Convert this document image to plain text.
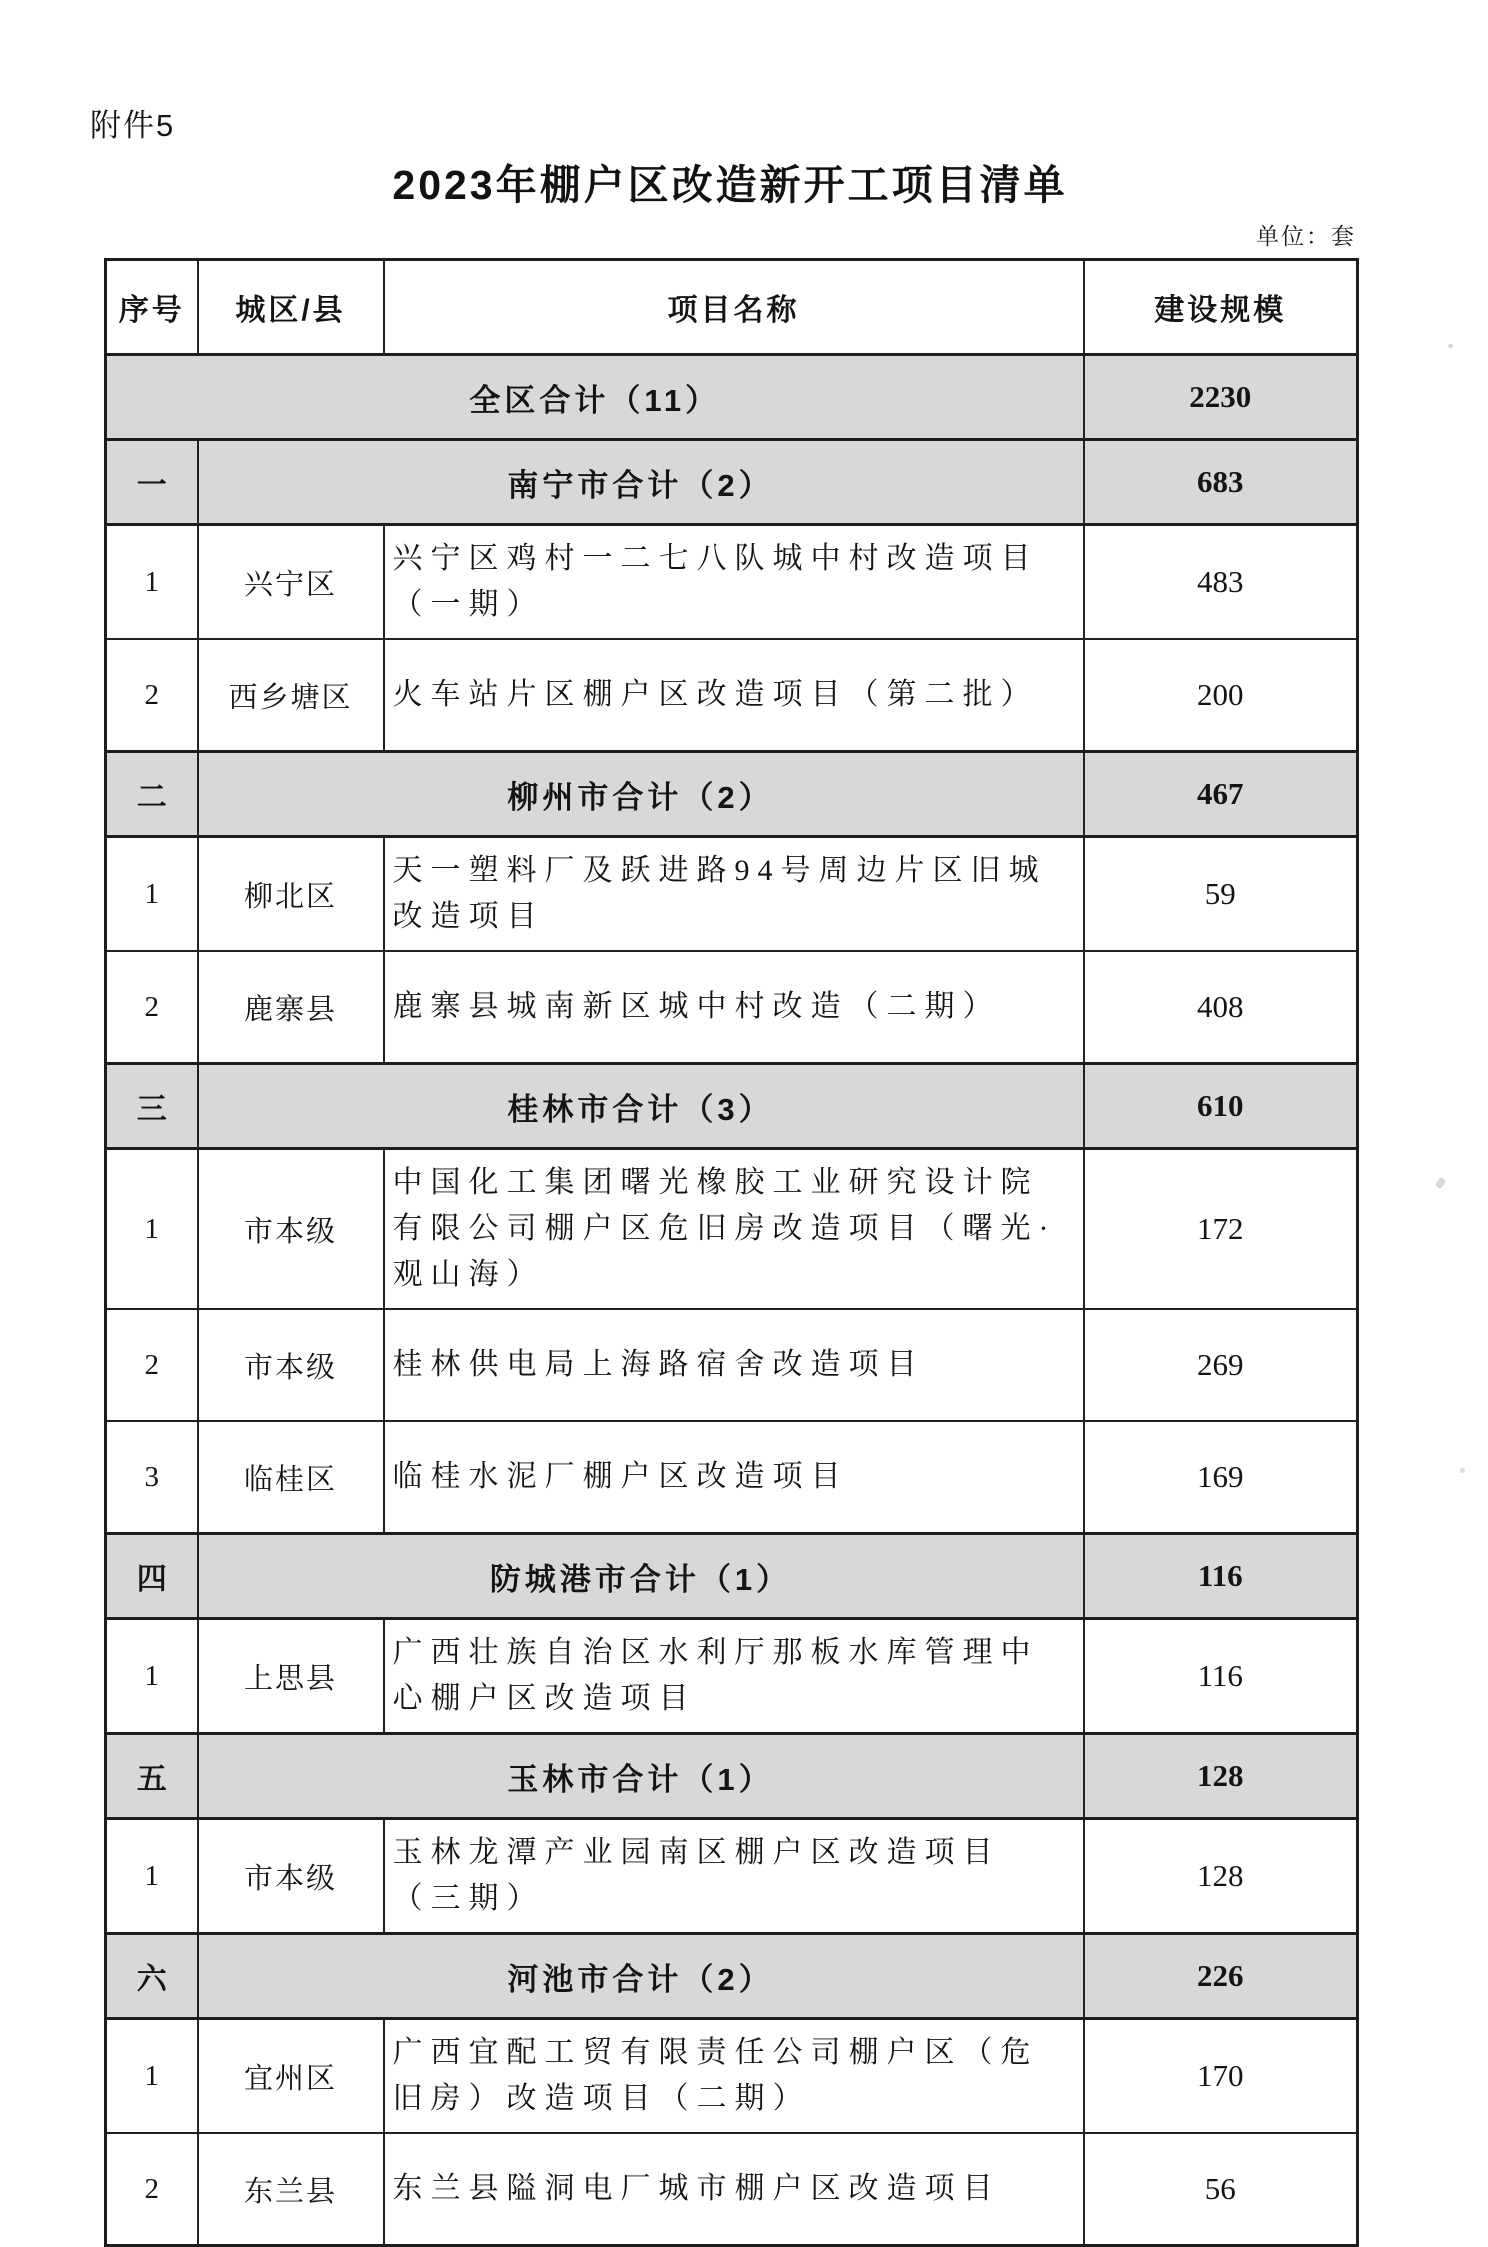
附件5
2023年棚户区改造新开工项目清单
单位：套
序号	城区/县	项目名称	建设规模
全区合计（11）			2230
一	南宁市合计（2）		683
1	兴宁区	兴宁区鸡村一二七八队城中村改造项目（一期）	483
2	西乡塘区	火车站片区棚户区改造项目（第二批）	200
二	柳州市合计（2）		467
1	柳北区	天一塑料厂及跃进路94号周边片区旧城改造项目	59
2	鹿寨县	鹿寨县城南新区城中村改造（二期）	408
三	桂林市合计（3）		610
1	市本级	中国化工集团曙光橡胶工业研究设计院有限公司棚户区危旧房改造项目（曙光·观山海）	172
2	市本级	桂林供电局上海路宿舍改造项目	269
3	临桂区	临桂水泥厂棚户区改造项目	169
四	防城港市合计（1）		116
1	上思县	广西壮族自治区水利厅那板水库管理中心棚户区改造项目	116
五	玉林市合计（1）		128
1	市本级	玉林龙潭产业园南区棚户区改造项目（三期）	128
六	河池市合计（2）		226
1	宜州区	广西宜配工贸有限责任公司棚户区（危旧房）改造项目（二期）	170
2	东兰县	东兰县隘洞电厂城市棚户区改造项目	56
